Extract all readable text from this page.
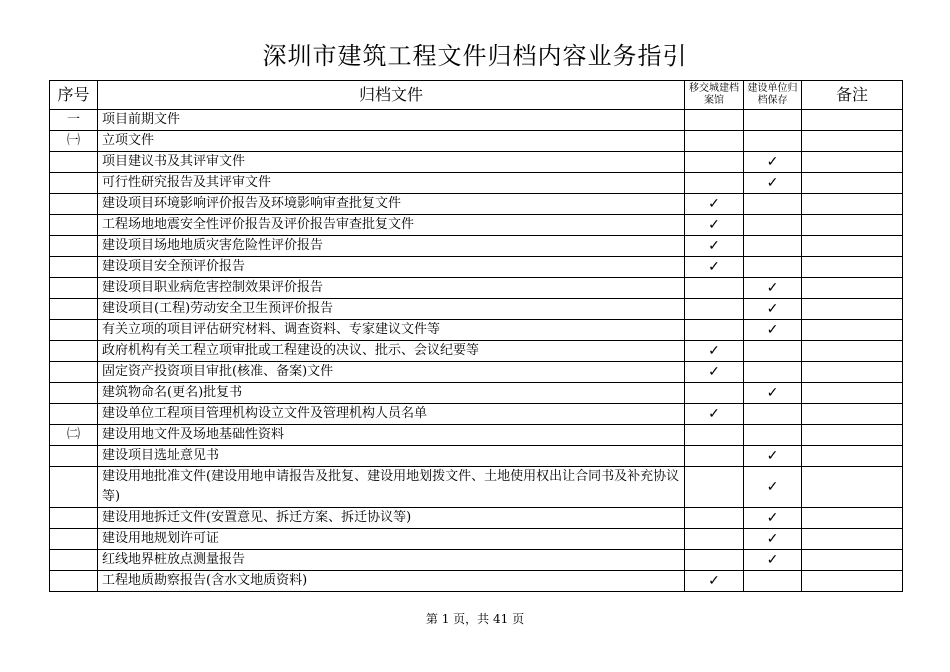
深圳市建筑工程文件归档内容业务指引
序号	归档文件	移交城建档案馆	建设单位归档保存	备注
一	项目前期文件			
㈠	立项文件			
	项目建议书及其评审文件		✓	
	可行性研究报告及其评审文件		✓	
	建设项目环境影响评价报告及环境影响审查批复文件	✓		
	工程场地地震安全性评价报告及评价报告审查批复文件	✓		
	建设项目场地地质灾害危险性评价报告	✓		
	建设项目安全预评价报告	✓		
	建设项目职业病危害控制效果评价报告		✓	
	建设项目(工程)劳动安全卫生预评价报告		✓	
	有关立项的项目评估研究材料、调查资料、专家建议文件等		✓	
	政府机构有关工程立项审批或工程建设的决议、批示、会议纪要等	✓		
	固定资产投资项目审批(核准、备案)文件	✓		
	建筑物命名(更名)批复书		✓	
	建设单位工程项目管理机构设立文件及管理机构人员名单	✓		
㈡	建设用地文件及场地基础性资料			
	建设项目选址意见书		✓	
	建设用地批准文件(建设用地申请报告及批复、建设用地划拨文件、土地使用权出让合同书及补充协议等)		✓	
	建设用地拆迁文件(安置意见、拆迁方案、拆迁协议等)		✓	
	建设用地规划许可证		✓	
	红线地界桩放点测量报告		✓	
	工程地质勘察报告(含水文地质资料)	✓		
第 1 页，共 41 页
